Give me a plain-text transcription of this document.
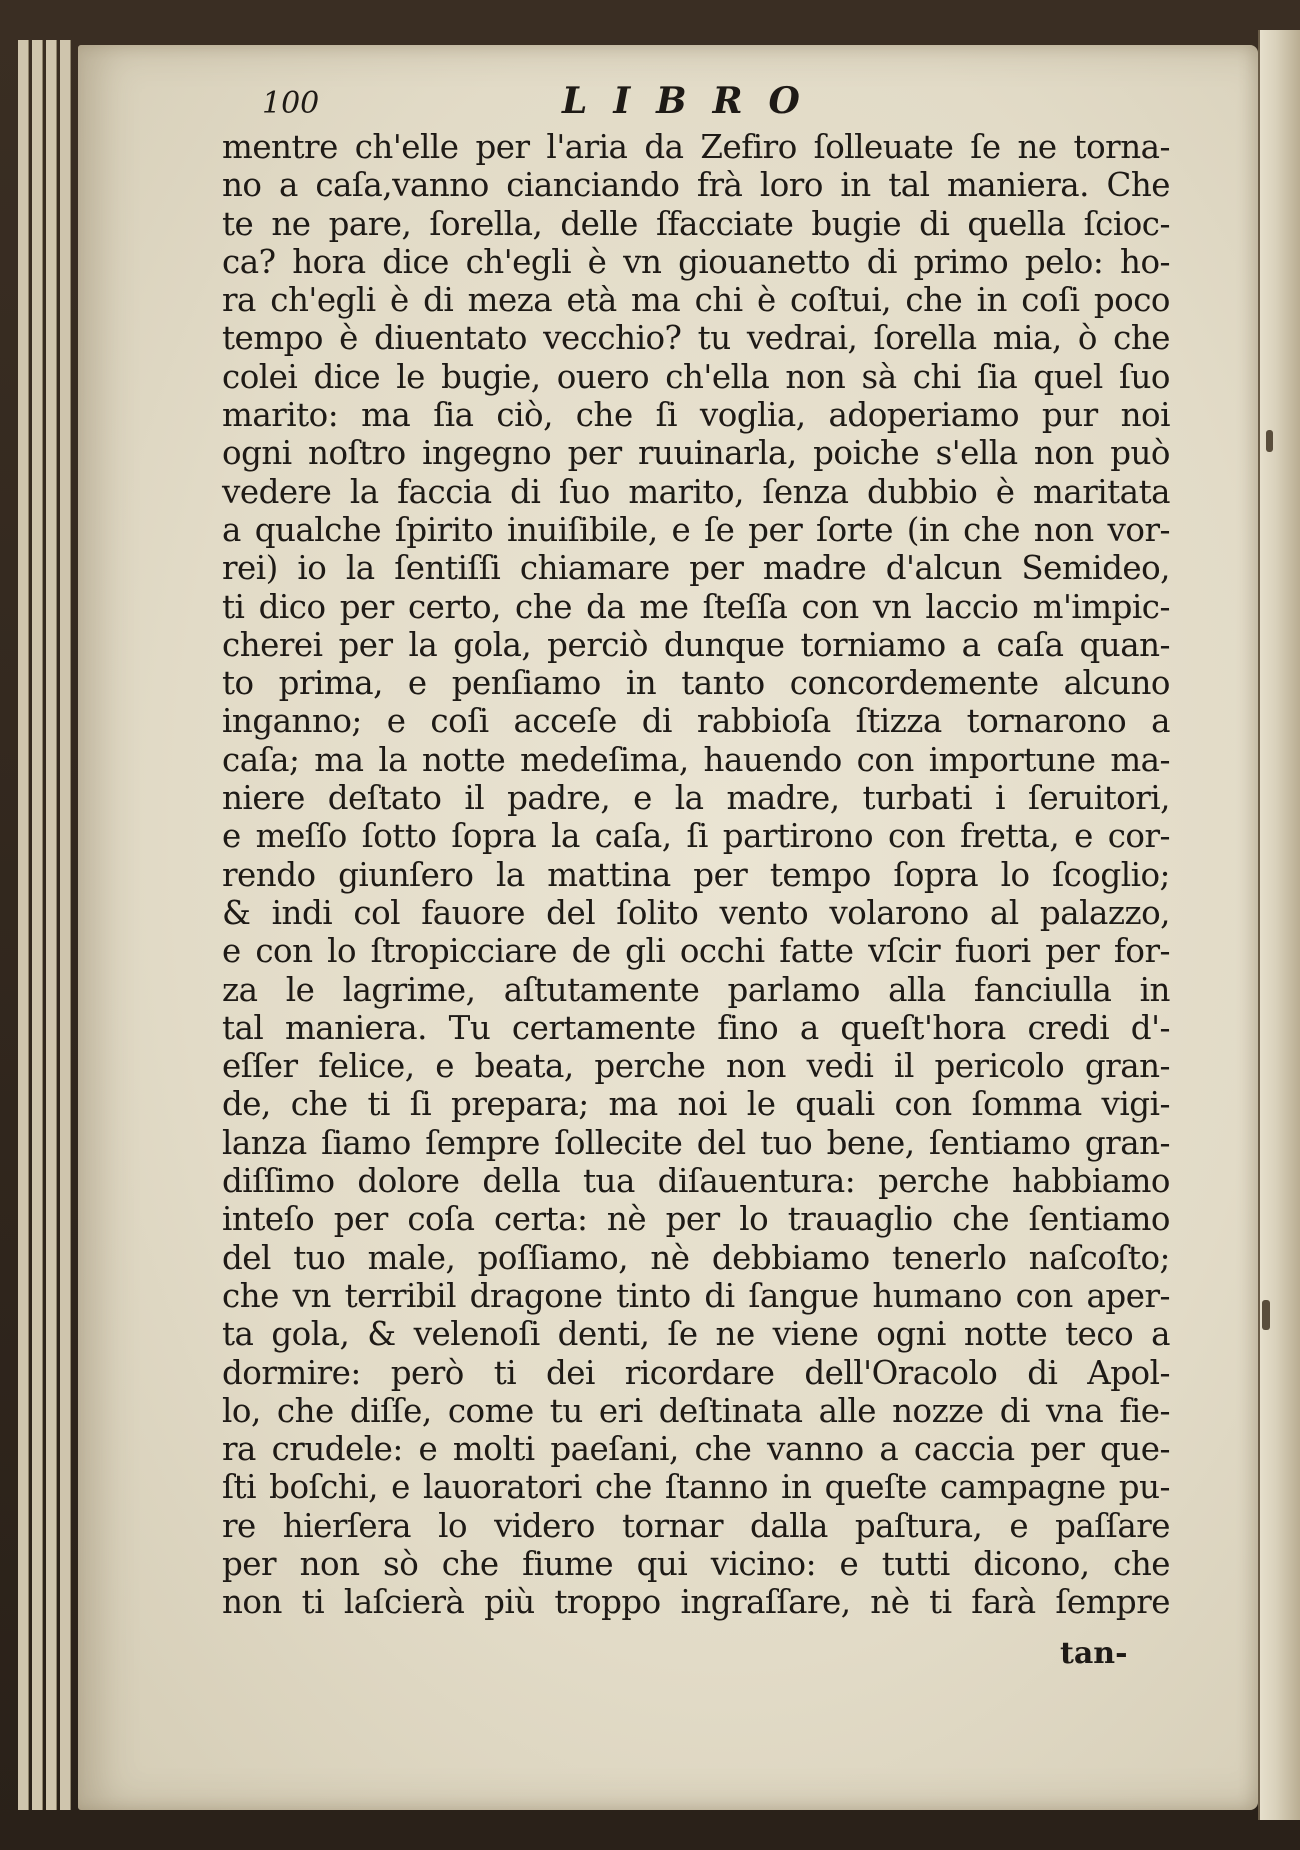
100	LIBRO
mentre ch'elle per l'aria da Zefiro ſolleuate ſe ne torna-
no a caſa,vanno cianciando frà loro in tal maniera. Che
te ne pare, ſorella, delle ſfacciate bugie di quella ſcioc-
ca? hora dice ch'egli è vn giouanetto di primo pelo: ho-
ra ch'egli è di meza età ma chi è coſtui, che in coſi poco
tempo è diuentato vecchio? tu vedrai, ſorella mia, ò che
colei dice le bugie, ouero ch'ella non sà chi ſia quel ſuo
marito: ma ſia ciò, che ſi voglia, adoperiamo pur noi
ogni noſtro ingegno per ruuinarla, poiche s'ella non può
vedere la faccia di ſuo marito, ſenza dubbio è maritata
a qualche ſpirito inuiſibile, e ſe per ſorte (in che non vor-
rei) io la ſentiſſi chiamare per madre d'alcun Semideo,
ti dico per certo, che da me ſteſſa con vn laccio m'impic-
cherei per la gola, perciò dunque torniamo a caſa quan-
to prima, e penſiamo in tanto concordemente alcuno
inganno; e coſi acceſe di rabbioſa ſtizza tornarono a
caſa; ma la notte medeſima, hauendo con importune ma-
niere deſtato il padre, e la madre, turbati i ſeruitori,
e meſſo ſotto ſopra la caſa, ſi partirono con fretta, e cor-
rendo giunſero la mattina per tempo ſopra lo ſcoglio;
& indi col fauore del ſolito vento volarono al palazzo,
e con lo ſtropicciare de gli occhi fatte vſcir fuori per for-
za le lagrime, aſtutamente parlamo alla fanciulla in
tal maniera. Tu certamente fino a queſt'hora credi d'-
eſſer felice, e beata, perche non vedi il pericolo gran-
de, che ti ſi prepara; ma noi le quali con ſomma vigi-
lanza ſiamo ſempre ſollecite del tuo bene, ſentiamo gran-
diſſimo dolore della tua diſauentura: perche habbiamo
inteſo per coſa certa: nè per lo trauaglio che ſentiamo
del tuo male, poſſiamo, nè debbiamo tenerlo naſcoſto;
che vn terribil dragone tinto di ſangue humano con aper-
ta gola, & velenoſi denti, ſe ne viene ogni notte teco a
dormire: però ti dei ricordare dell'Oracolo di Apol-
lo, che diſſe, come tu eri deſtinata alle nozze di vna fie-
ra crudele: e molti paeſani, che vanno a caccia per que-
ſti boſchi, e lauoratori che ſtanno in queſte campagne pu-
re hierſera lo videro tornar dalla paſtura, e paſſare
per non sò che fiume qui vicino: e tutti dicono, che
non ti laſcierà più troppo ingraſſare, nè ti farà ſempre
tan-
